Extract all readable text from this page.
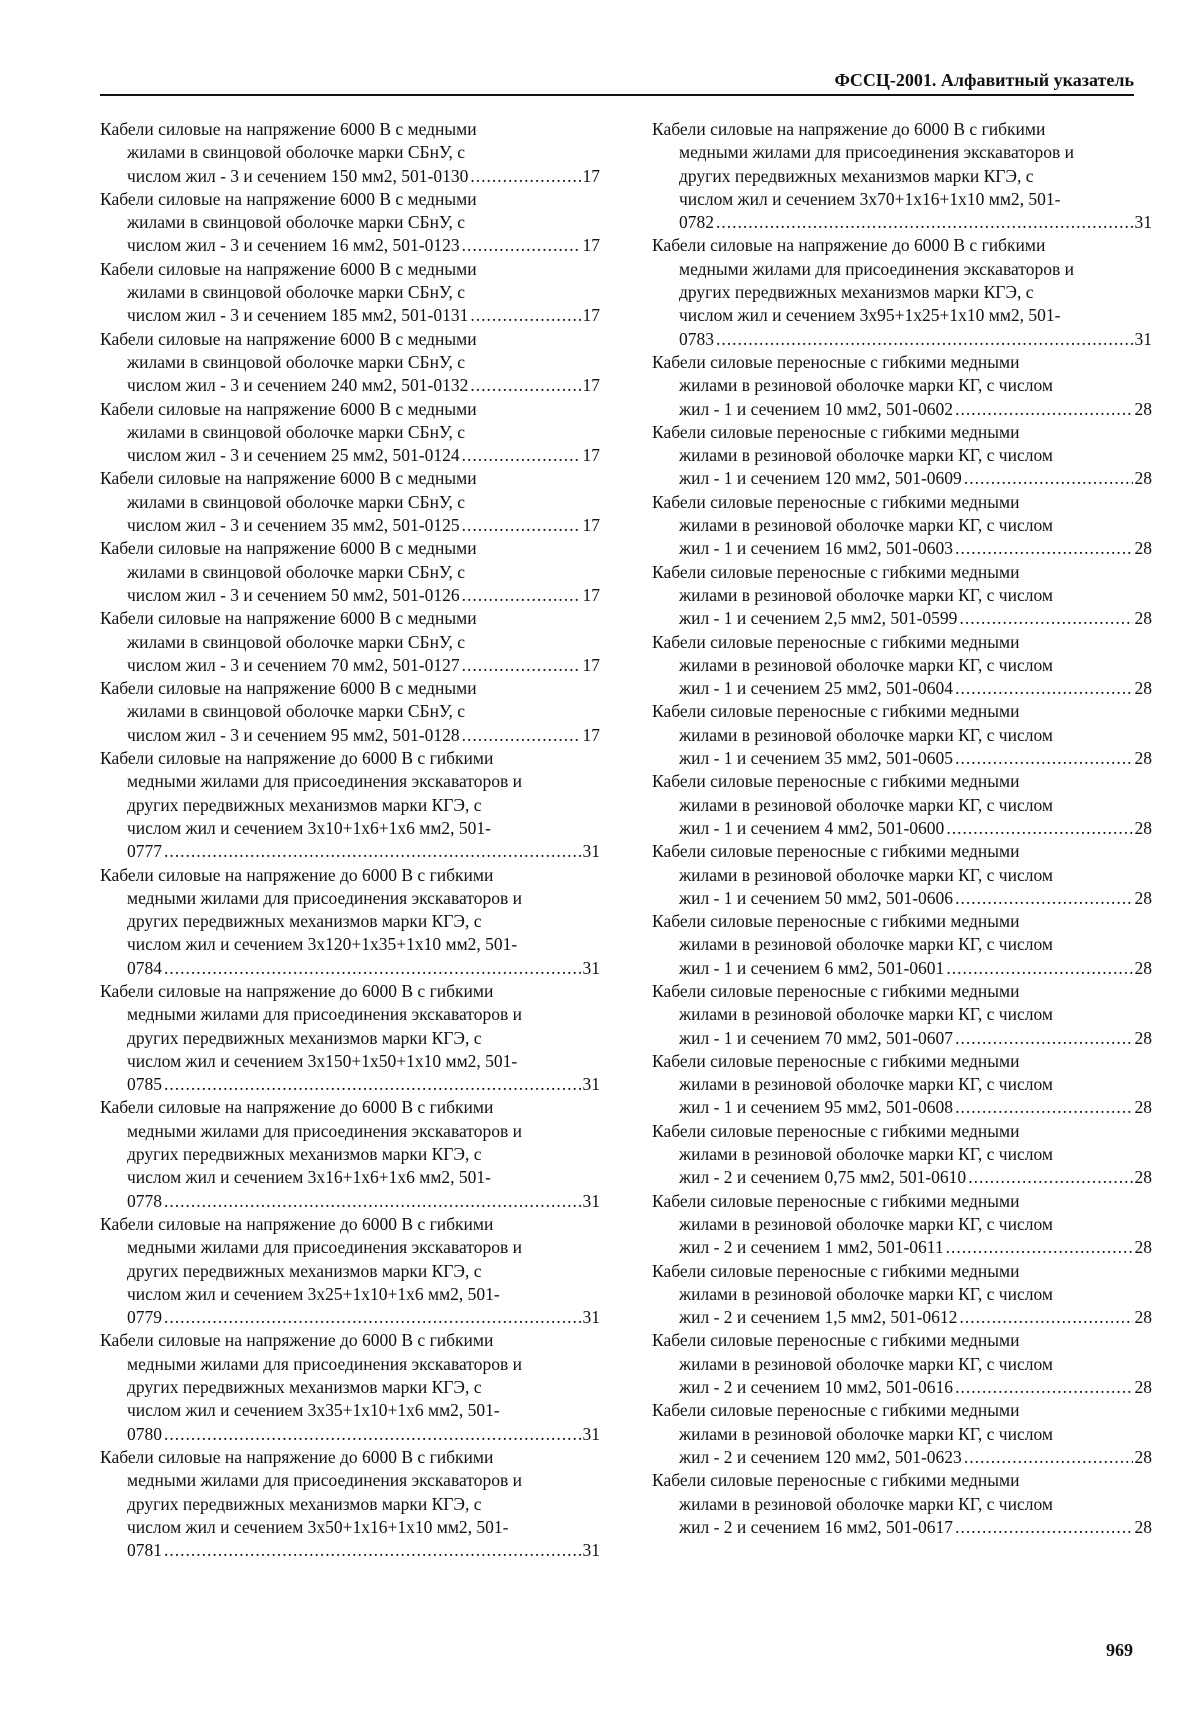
ФССЦ-2001. Алфавитный указатель
Кабели силовые на напряжение 6000 В с медными
жилами в свинцовой оболочке марки СБнУ, с
числом жил - 3 и сечением 150 мм2, 501-0130 .....	17
Кабели силовые на напряжение 6000 В с медными
жилами в свинцовой оболочке марки СБнУ, с
числом жил - 3 и сечением 16 мм2, 501-0123 .....	17
Кабели силовые на напряжение 6000 В с медными
жилами в свинцовой оболочке марки СБнУ, с
числом жил - 3 и сечением 185 мм2, 501-0131 .....	17
Кабели силовые на напряжение 6000 В с медными
жилами в свинцовой оболочке марки СБнУ, с
числом жил - 3 и сечением 240 мм2, 501-0132 .....	17
Кабели силовые на напряжение 6000 В с медными
жилами в свинцовой оболочке марки СБнУ, с
числом жил - 3 и сечением 25 мм2, 501-0124 .....	17
Кабели силовые на напряжение 6000 В с медными
жилами в свинцовой оболочке марки СБнУ, с
числом жил - 3 и сечением 35 мм2, 501-0125 .....	17
Кабели силовые на напряжение 6000 В с медными
жилами в свинцовой оболочке марки СБнУ, с
числом жил - 3 и сечением 50 мм2, 501-0126 .....	17
Кабели силовые на напряжение 6000 В с медными
жилами в свинцовой оболочке марки СБнУ, с
числом жил - 3 и сечением 70 мм2, 501-0127 .....	17
Кабели силовые на напряжение 6000 В с медными
жилами в свинцовой оболочке марки СБнУ, с
числом жил - 3 и сечением 95 мм2, 501-0128 .....	17
Кабели силовые на напряжение до 6000 В с гибкими
медными жилами для присоединения экскаваторов и
других передвижных механизмов марки КГЭ, с
числом жил и сечением 3х10+1х6+1х6 мм2, 501-
0777 .....	31
Кабели силовые на напряжение до 6000 В с гибкими
медными жилами для присоединения экскаваторов и
других передвижных механизмов марки КГЭ, с
числом жил и сечением 3х120+1х35+1х10 мм2, 501-
0784 .....	31
Кабели силовые на напряжение до 6000 В с гибкими
медными жилами для присоединения экскаваторов и
других передвижных механизмов марки КГЭ, с
числом жил и сечением 3х150+1х50+1х10 мм2, 501-
0785 .....	31
Кабели силовые на напряжение до 6000 В с гибкими
медными жилами для присоединения экскаваторов и
других передвижных механизмов марки КГЭ, с
числом жил и сечением 3х16+1х6+1х6 мм2, 501-
0778 .....	31
Кабели силовые на напряжение до 6000 В с гибкими
медными жилами для присоединения экскаваторов и
других передвижных механизмов марки КГЭ, с
числом жил и сечением 3х25+1х10+1х6 мм2, 501-
0779 .....	31
Кабели силовые на напряжение до 6000 В с гибкими
медными жилами для присоединения экскаваторов и
других передвижных механизмов марки КГЭ, с
числом жил и сечением 3х35+1х10+1х6 мм2, 501-
0780 .....	31
Кабели силовые на напряжение до 6000 В с гибкими
медными жилами для присоединения экскаваторов и
других передвижных механизмов марки КГЭ, с
числом жил и сечением 3х50+1х16+1х10 мм2, 501-
0781 .....	31
Кабели силовые на напряжение до 6000 В с гибкими
медными жилами для присоединения экскаваторов и
других передвижных механизмов марки КГЭ, с
числом жил и сечением 3х70+1х16+1х10 мм2, 501-
0782 .....	31
Кабели силовые на напряжение до 6000 В с гибкими
медными жилами для присоединения экскаваторов и
других передвижных механизмов марки КГЭ, с
числом жил и сечением 3х95+1х25+1х10 мм2, 501-
0783 .....	31
Кабели силовые переносные с гибкими медными
жилами в резиновой оболочке марки КГ, с числом
жил - 1 и сечением 10 мм2, 501-0602 .....	28
Кабели силовые переносные с гибкими медными
жилами в резиновой оболочке марки КГ, с числом
жил - 1 и сечением 120 мм2, 501-0609 .....	28
Кабели силовые переносные с гибкими медными
жилами в резиновой оболочке марки КГ, с числом
жил - 1 и сечением 16 мм2, 501-0603 .....	28
Кабели силовые переносные с гибкими медными
жилами в резиновой оболочке марки КГ, с числом
жил - 1 и сечением 2,5 мм2, 501-0599 .....	28
Кабели силовые переносные с гибкими медными
жилами в резиновой оболочке марки КГ, с числом
жил - 1 и сечением 25 мм2, 501-0604 .....	28
Кабели силовые переносные с гибкими медными
жилами в резиновой оболочке марки КГ, с числом
жил - 1 и сечением 35 мм2, 501-0605 .....	28
Кабели силовые переносные с гибкими медными
жилами в резиновой оболочке марки КГ, с числом
жил - 1 и сечением 4 мм2, 501-0600 .....	28
Кабели силовые переносные с гибкими медными
жилами в резиновой оболочке марки КГ, с числом
жил - 1 и сечением 50 мм2, 501-0606 .....	28
Кабели силовые переносные с гибкими медными
жилами в резиновой оболочке марки КГ, с числом
жил - 1 и сечением 6 мм2, 501-0601 .....	28
Кабели силовые переносные с гибкими медными
жилами в резиновой оболочке марки КГ, с числом
жил - 1 и сечением 70 мм2, 501-0607 .....	28
Кабели силовые переносные с гибкими медными
жилами в резиновой оболочке марки КГ, с числом
жил - 1 и сечением 95 мм2, 501-0608 .....	28
Кабели силовые переносные с гибкими медными
жилами в резиновой оболочке марки КГ, с числом
жил - 2 и сечением 0,75 мм2, 501-0610 .....	28
Кабели силовые переносные с гибкими медными
жилами в резиновой оболочке марки КГ, с числом
жил - 2 и сечением 1 мм2, 501-0611 .....	28
Кабели силовые переносные с гибкими медными
жилами в резиновой оболочке марки КГ, с числом
жил - 2 и сечением 1,5 мм2, 501-0612 .....	28
Кабели силовые переносные с гибкими медными
жилами в резиновой оболочке марки КГ, с числом
жил - 2 и сечением 10 мм2, 501-0616 .....	28
Кабели силовые переносные с гибкими медными
жилами в резиновой оболочке марки КГ, с числом
жил - 2 и сечением 120 мм2, 501-0623 .....	28
Кабели силовые переносные с гибкими медными
жилами в резиновой оболочке марки КГ, с числом
жил - 2 и сечением 16 мм2, 501-0617 .....	28
969
